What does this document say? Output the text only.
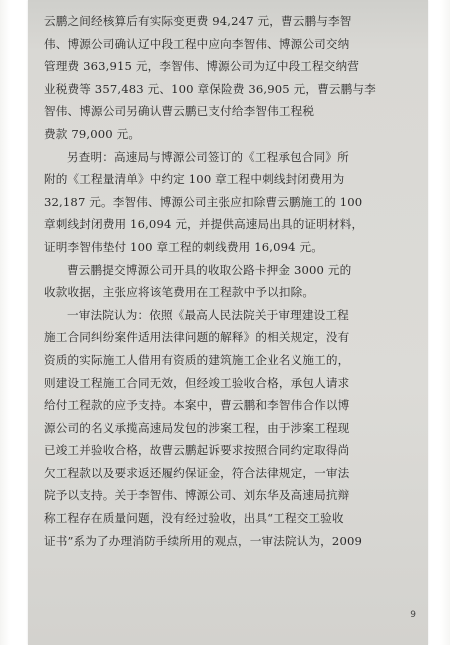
云鹏之间经核算后有实际变更费 94,247 元，曹云鹏与李智
伟、博源公司确认辽中段工程中应向李智伟、博源公司交纳
管理费 363,915 元，李智伟、博源公司为辽中段工程交纳营
业税费等 357,483 元、100 章保险费 36,905 元，曹云鹏与李
智伟、博源公司另确认曹云鹏已支付给李智伟工程税
费款 79,000 元。
另查明：高速局与博源公司签订的《工程承包合同》所
附的《工程量清单》中约定 100 章工程中刺线封闭费用为
32,187 元。李智伟、博源公司主张应扣除曹云鹏施工的 100
章刺线封闭费用 16,094 元，并提供高速局出具的证明材料，
证明李智伟垫付 100 章工程的刺线费用 16,094 元。
曹云鹏提交博源公司开具的收取公路卡押金 3000 元的
收款收据，主张应将该笔费用在工程款中予以扣除。
一审法院认为：依照《最高人民法院关于审理建设工程
施工合同纠纷案件适用法律问题的解释》的相关规定，没有
资质的实际施工人借用有资质的建筑施工企业名义施工的，
则建设工程施工合同无效，但经竣工验收合格，承包人请求
给付工程款的应予支持。本案中，曹云鹏和李智伟合作以博
源公司的名义承揽高速局发包的涉案工程，由于涉案工程现
已竣工并验收合格，故曹云鹏起诉要求按照合同约定取得尚
欠工程款以及要求返还履约保证金，符合法律规定，一审法
院予以支持。关于李智伟、博源公司、刘东华及高速局抗辩
称工程存在质量问题，没有经过验收，出具“工程交工验收
证书”系为了办理消防手续所用的观点，一审法院认为，2009
9
